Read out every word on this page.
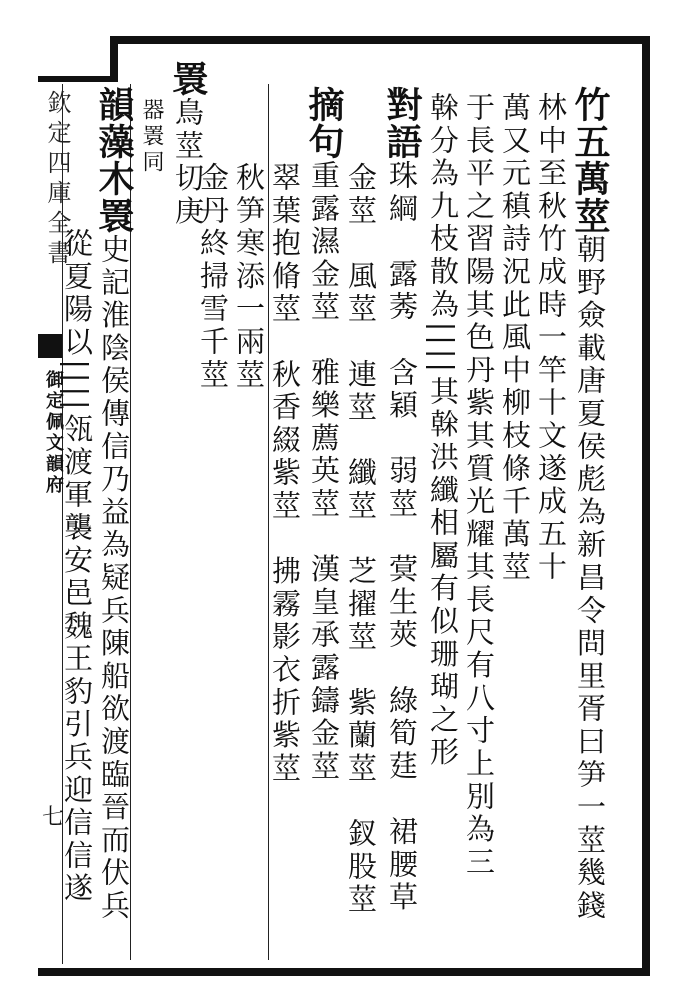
欽定四庫全書
御定佩文韻府
七
竹五萬莖朝野僉載唐夏侯彪為新昌令問里胥曰笋一莖幾錢
林中至秋竹成時一竿十文遂成五十
萬又元稹詩況此風中柳枝條千萬莖
于長平之習陽其色丹紫其質光耀其長尺有八寸上別為三
榦分為九枝散為||||其榦洪纖相屬有似珊瑚之形
對語珠綱　露莠　含穎　弱莖　蓂生莢　綠筍莛　裙腰草
金莖　風莖　連莖　纖莖　芝擢莖　紫蘭莖　釵股莖
摘句重露濕金莖　雅樂薦英莖　漢皇承露鑄金莖
翠葉抱脩莖　秋香綴紫莖　拂霧影衣折紫莖
秋笋寒添一兩莖
金丹終掃雪千莖
瞏鳥莖切庚
器瞏同
韻藻木瞏史記淮陰侯傳信乃益為疑兵陳船欲渡臨晉而伏兵
從夏陽以||||瓴渡軍襲安邑魏王豹引兵迎信信遂
